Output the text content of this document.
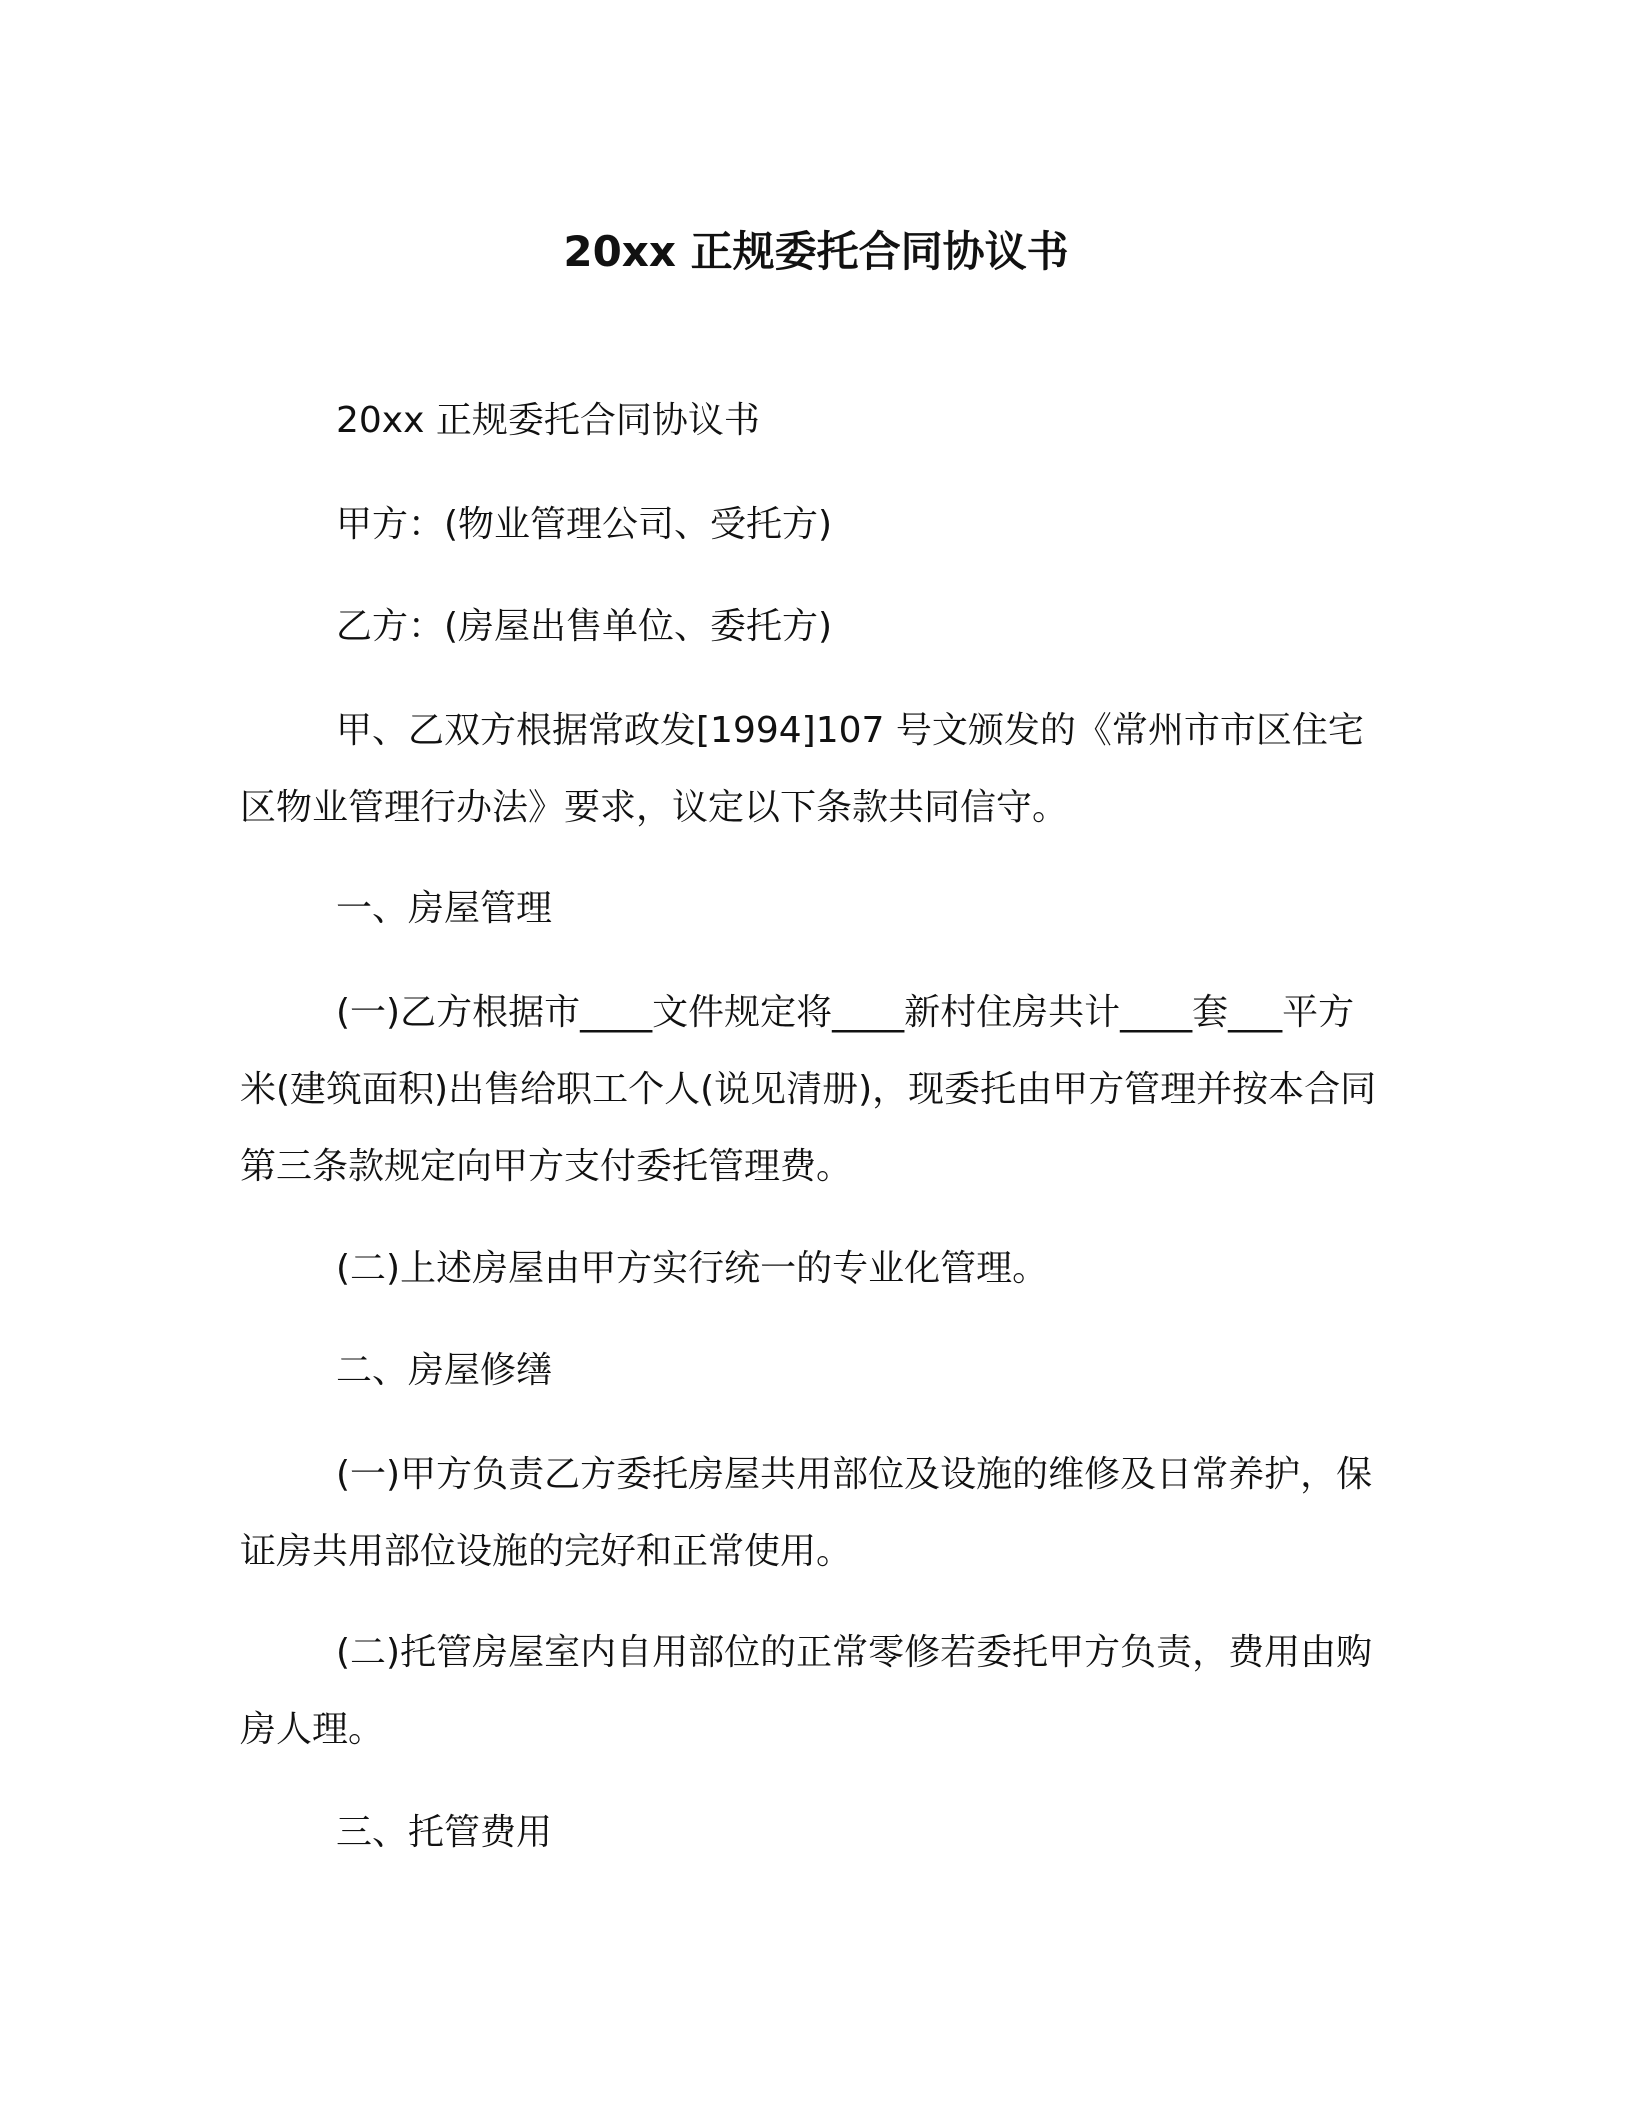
20xx 正规委托合同协议书

20xx 正规委托合同协议书

甲方：(物业管理公司、受托方)

乙方：(房屋出售单位、委托方)

甲、乙双方根据常政发[1994]107 号文颁发的《常州市市区住宅区物业管理行办法》要求，议定以下条款共同信守。

一、房屋管理

(一)乙方根据市____文件规定将____新村住房共计____套___平方米(建筑面积)出售给职工个人(说见清册)，现委托由甲方管理并按本合同第三条款规定向甲方支付委托管理费。

(二)上述房屋由甲方实行统一的专业化管理。

二、房屋修缮

(一)甲方负责乙方委托房屋共用部位及设施的维修及日常养护，保证房共用部位设施的完好和正常使用。

(二)托管房屋室内自用部位的正常零修若委托甲方负责，费用由购房人理。

三、托管费用
